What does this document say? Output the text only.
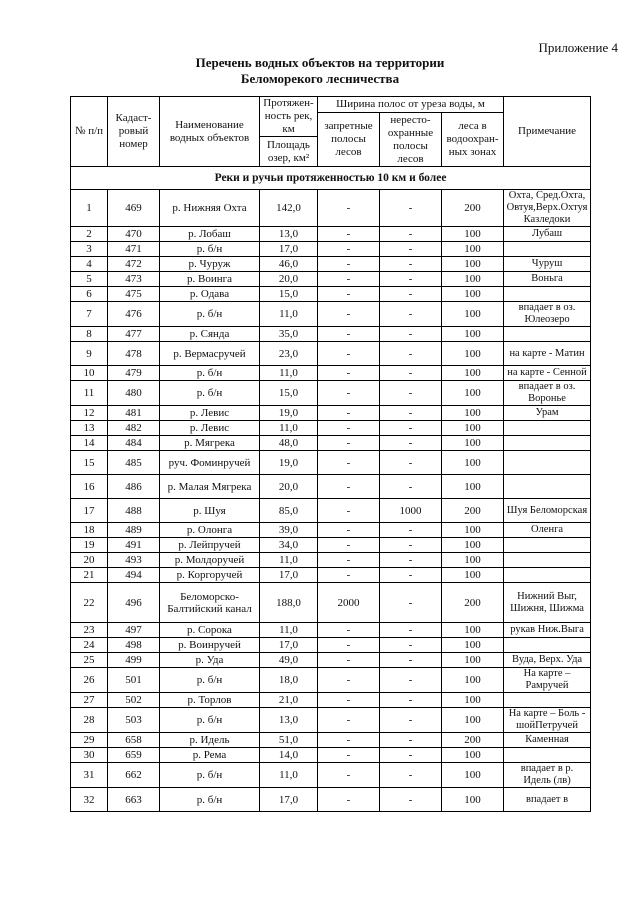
Приложение 4
Перечень водных объектов на территории
Беломорекого лесничества
№ п/п	Кадаст-ровый номер	Наименование водных объектов	Протяжен-ность рек, км	Ширина полос от уреза воды, м			Примечание
				запретные полосы лесов	нересто-охранные полосы лесов	леса в водоохран-ных зонах	
			Площадь озер, км²				
Реки и ручьи протяженностью 10 км и более							
1	469	р. Нижняя Охта	142,0	-	-	200	Охта, Сред.Охта, Овтуя,Верх.Охтуя Казледоки
2	470	р. Лобаш	13,0	-	-	100	Лубаш
3	471	р. б/н	17,0	-	-	100	
4	472	р. Чуруж	46,0	-	-	100	Чуруш
5	473	р. Воинга	20,0	-	-	100	Воньга
6	475	р. Одава	15,0	-	-	100	
7	476	р. б/н	11,0	-	-	100	впадает в оз. Юлеозеро
8	477	р. Сянда	35,0	-	-	100	
9	478	р. Вермасручей	23,0	-	-	100	на карте - Матин
10	479	р. б/н	11,0	-	-	100	на карте - Сенной
11	480	р. б/н	15,0	-	-	100	впадает в оз. Воронье
12	481	р. Левис	19,0	-	-	100	Урам
13	482	р. Левис	11,0	-	-	100	
14	484	р. Мягрека	48,0	-	-	100	
15	485	руч. Фоминручей	19,0	-	-	100	
16	486	р. Малая Мягрека	20,0	-	-	100	
17	488	р. Шуя	85,0	-	1000	200	Шуя Беломорская
18	489	р. Олонга	39,0	-	-	100	Оленга
19	491	р. Лейпручей	34,0	-	-	100	
20	493	р. Молдоручей	11,0	-	-	100	
21	494	р. Коргоручей	17,0	-	-	100	
22	496	Беломорско-Балтийский канал	188,0	2000	-	200	Нижний Выг, Шижня, Шижма
23	497	р. Сорока	11,0	-	-	100	рукав Ниж.Выга
24	498	р. Воинручей	17,0	-	-	100	
25	499	р. Уда	49,0	-	-	100	Вуда, Верх. Уда
26	501	р. б/н	18,0	-	-	100	На карте – Рамручей
27	502	р. Торлов	21,0	-	-	100	
28	503	р. б/н	13,0	-	-	100	На карте – Боль - шойПетручей
29	658	р. Идель	51,0	-	-	200	Каменная
30	659	р. Рема	14,0	-	-	100	
31	662	р. б/н	11,0	-	-	100	впадает в р. Идель (лв)
32	663	р. б/н	17,0	-	-	100	впадает в
